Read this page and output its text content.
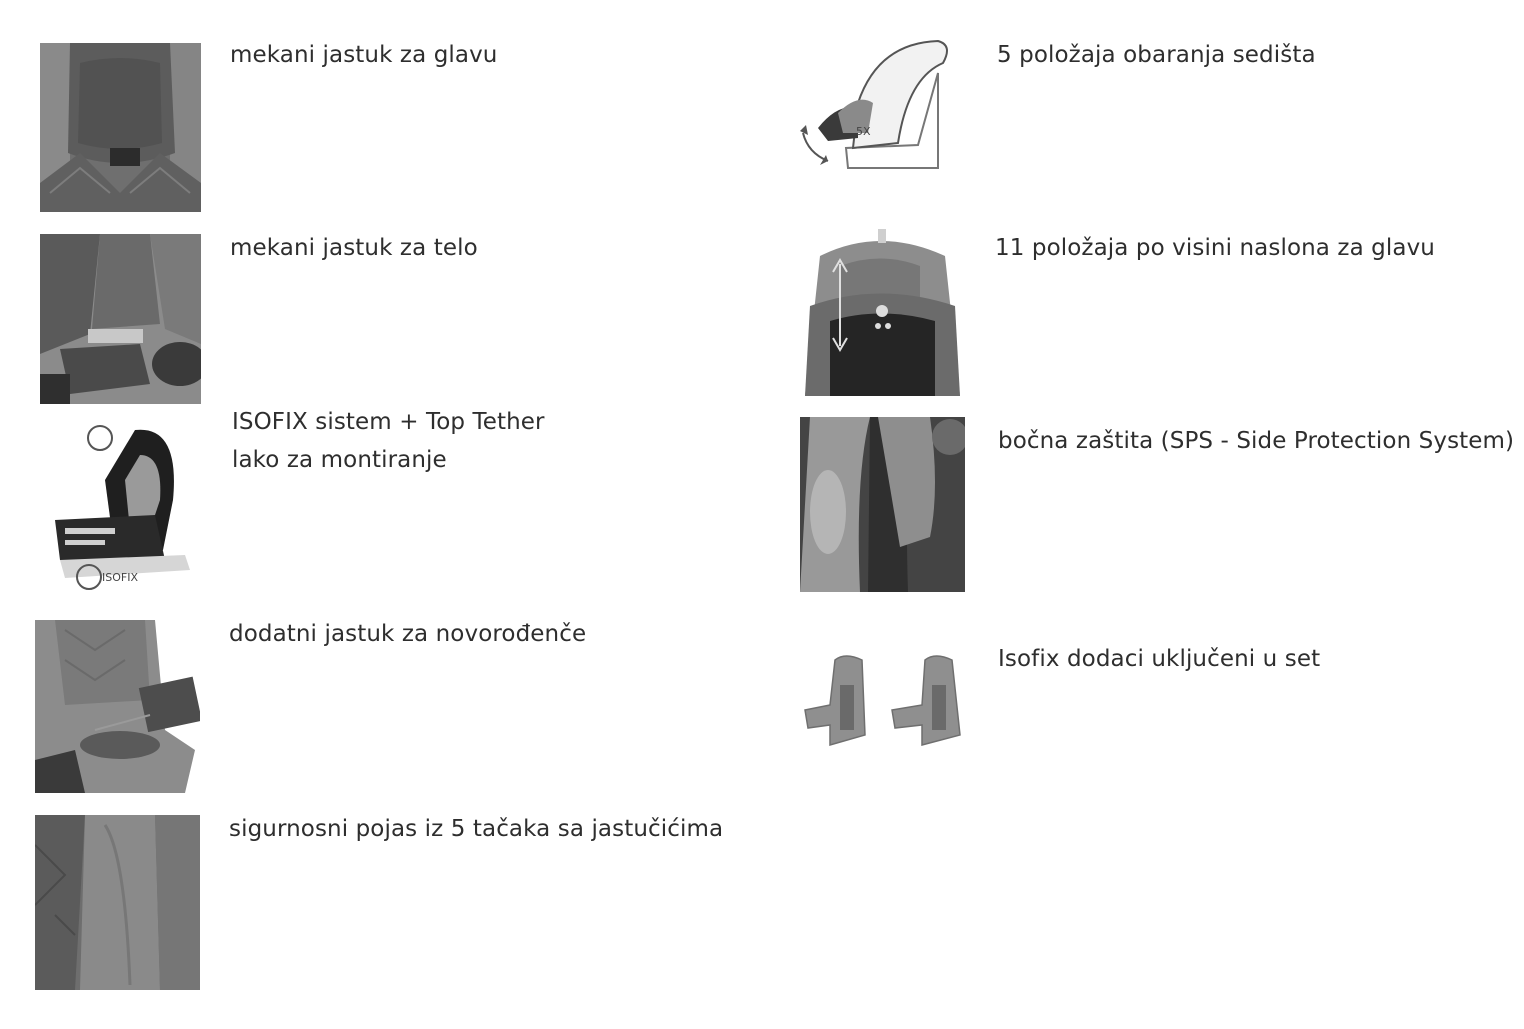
mekani jastuk za glavu
mekani jastuk za telo
ISOFIX
ISOFIX sistem + Top Tether
lako za montiranje
dodatni jastuk za novorođenče
sigurnosni pojas iz 5 tačaka sa jastučićima
5X
5 položaja obaranja sedišta
11 položaja po visini naslona za glavu
bočna zaštita (SPS - Side Protection System)
Isofix dodaci uključeni u set
